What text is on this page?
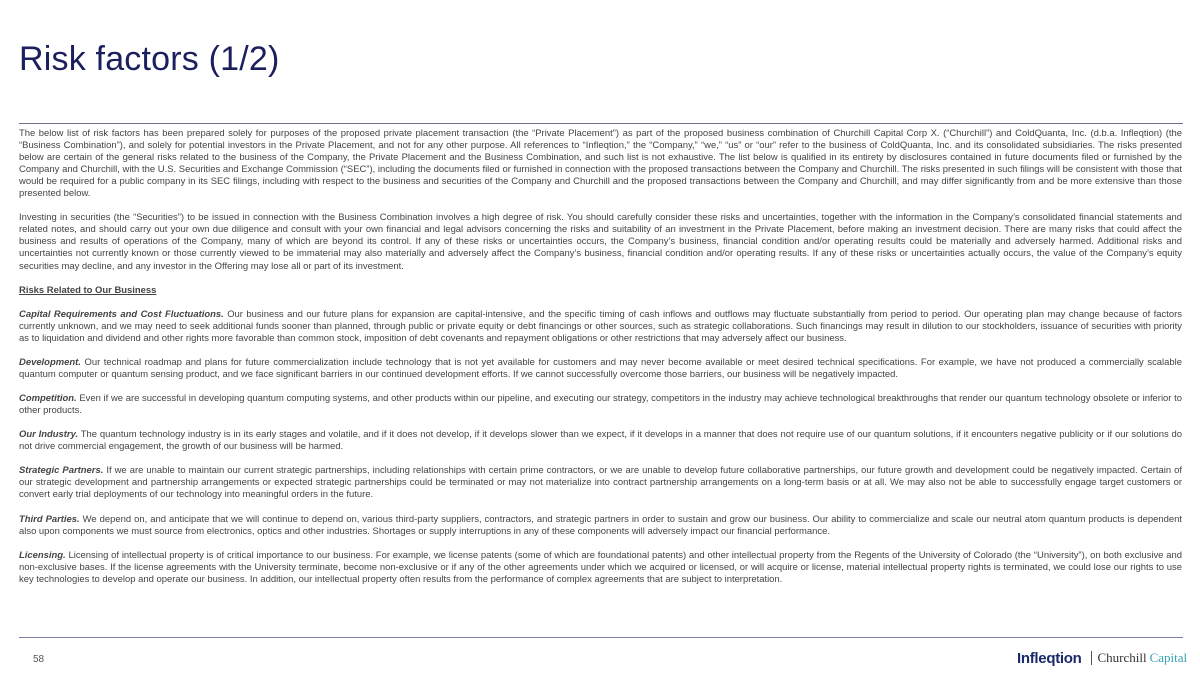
Risk factors (1/2)

The below list of risk factors has been prepared solely for purposes of the proposed private placement transaction (the “Private Placement”) as part of the proposed business combination of Churchill Capital Corp X. (“Churchill”) and ColdQuanta, Inc. (d.b.a. Infleqtion) (the “Business Combination”), and solely for potential investors in the Private Placement, and not for any other purpose. All references to “Infleqtion,” the “Company,” “we,” “us” or “our” refer to the business of ColdQuanta, Inc. and its consolidated subsidiaries. The risks presented below are certain of the general risks related to the business of the Company, the Private Placement and the Business Combination, and such list is not exhaustive. The list below is qualified in its entirety by disclosures contained in future documents filed or furnished by the Company and Churchill, with the U.S. Securities and Exchange Commission (“SEC”), including the documents filed or furnished in connection with the proposed transactions between the Company and Churchill. The risks presented in such filings will be consistent with those that would be required for a public company in its SEC filings, including with respect to the business and securities of the Company and Churchill and the proposed transactions between the Company and Churchill, and may differ significantly from and be more extensive than those presented below.

Investing in securities (the “Securities”) to be issued in connection with the Business Combination involves a high degree of risk. You should carefully consider these risks and uncertainties, together with the information in the Company’s consolidated financial statements and related notes, and should carry out your own due diligence and consult with your own financial and legal advisors concerning the risks and suitability of an investment in the Private Placement, before making an investment decision. There are many risks that could affect the business and results of operations of the Company, many of which are beyond its control. If any of these risks or uncertainties occurs, the Company’s business, financial condition and/or operating results could be materially and adversely harmed. Additional risks and uncertainties not currently known or those currently viewed to be immaterial may also materially and adversely affect the Company’s business, financial condition and/or operating results. If any of these risks or uncertainties actually occurs, the value of the Company’s equity securities may decline, and any investor in the Offering may lose all or part of its investment.

Risks Related to Our Business

Capital Requirements and Cost Fluctuations. Our business and our future plans for expansion are capital-intensive, and the specific timing of cash inflows and outflows may fluctuate substantially from period to period. Our operating plan may change because of factors currently unknown, and we may need to seek additional funds sooner than planned, through public or private equity or debt financings or other sources, such as strategic collaborations. Such financings may result in dilution to our stockholders, issuance of securities with priority as to liquidation and dividend and other rights more favorable than common stock, imposition of debt covenants and repayment obligations or other restrictions that may adversely affect our business.

Development. Our technical roadmap and plans for future commercialization include technology that is not yet available for customers and may never become available or meet desired technical specifications. For example, we have not produced a commercially scalable quantum computer or quantum sensing product, and we face significant barriers in our continued development efforts. If we cannot successfully overcome those barriers, our business will be negatively impacted.

Competition. Even if we are successful in developing quantum computing systems, and other products within our pipeline, and executing our strategy, competitors in the industry may achieve technological breakthroughs that render our quantum technology obsolete or inferior to other products.

Our Industry. The quantum technology industry is in its early stages and volatile, and if it does not develop, if it develops slower than we expect, if it develops in a manner that does not require use of our quantum solutions, if it encounters negative publicity or if our solutions do not drive commercial engagement, the growth of our business will be harmed.

Strategic Partners. If we are unable to maintain our current strategic partnerships, including relationships with certain prime contractors, or we are unable to develop future collaborative partnerships, our future growth and development could be negatively impacted. Certain of our strategic development and partnership arrangements or expected strategic partnerships could be terminated or may not materialize into contract partnership arrangements on a long-term basis or at all. We may also not be able to successfully engage target customers or convert early trial deployments of our technology into meaningful orders in the future.

Third Parties. We depend on, and anticipate that we will continue to depend on, various third-party suppliers, contractors, and strategic partners in order to sustain and grow our business. Our ability to commercialize and scale our neutral atom quantum products is dependent also upon components we must source from electronics, optics and other industries. Shortages or supply interruptions in any of these components will adversely impact our financial performance.

Licensing. Licensing of intellectual property is of critical importance to our business. For example, we license patents (some of which are foundational patents) and other intellectual property from the Regents of the University of Colorado (the “University”), on both exclusive and non-exclusive bases. If the license agreements with the University terminate, become non-exclusive or if any of the other agreements under which we acquired or licensed, or will acquire or license, material intellectual property rights is terminated, we could lose our rights to use key technologies to develop and operate our business. In addition, our intellectual property often results from the performance of complex agreements that are subject to interpretation.

58	Infleqtion Churchill Capital
